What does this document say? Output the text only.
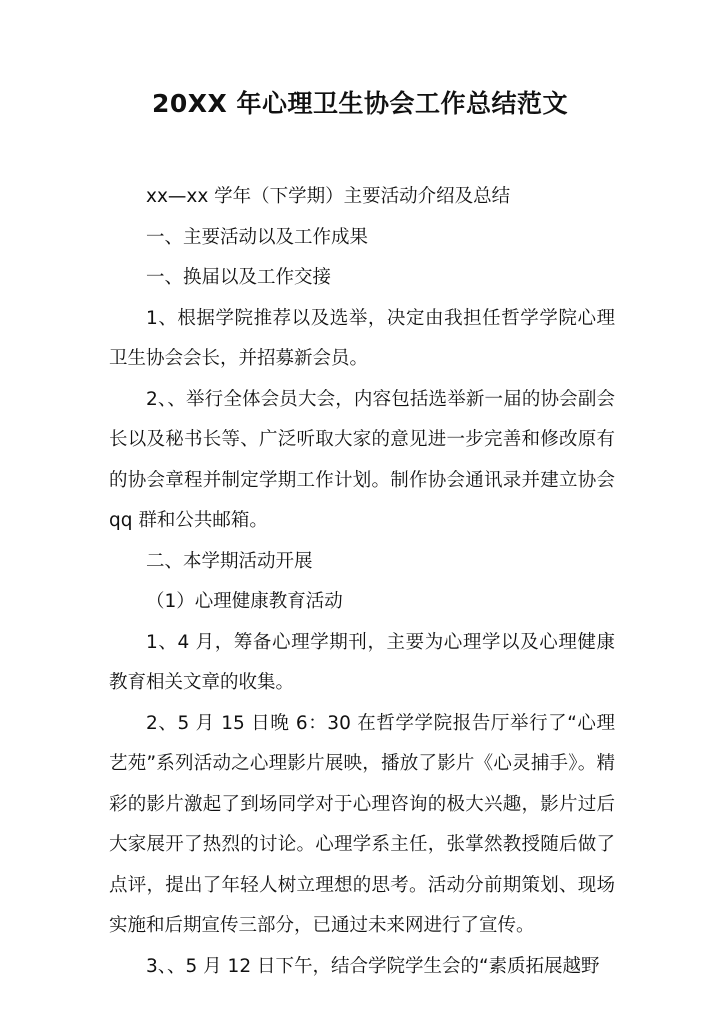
20XX 年心理卫生协会工作总结范文

xx—xx 学年（下学期）主要活动介绍及总结

一、主要活动以及工作成果

一、换届以及工作交接

1、根据学院推荐以及选举，决定由我担任哲学学院心理卫生协会会长，并招募新会员。

2、、举行全体会员大会，内容包括选举新一届的协会副会长以及秘书长等、广泛听取大家的意见进一步完善和修改原有的协会章程并制定学期工作计划。制作协会通讯录并建立协会 qq 群和公共邮箱。

二、本学期活动开展

（1）心理健康教育活动

1、4 月，筹备心理学期刊，主要为心理学以及心理健康教育相关文章的收集。

2、5 月 15 日晚 6：30 在哲学学院报告厅举行了“心理艺苑”系列活动之心理影片展映，播放了影片《心灵捕手》。精彩的影片激起了到场同学对于心理咨询的极大兴趣，影片过后大家展开了热烈的讨论。心理学系主任，张掌然教授随后做了点评，提出了年轻人树立理想的思考。活动分前期策划、现场实施和后期宣传三部分，已通过未来网进行了宣传。

3、、5 月 12 日下午，结合学院学生会的“素质拓展越野
